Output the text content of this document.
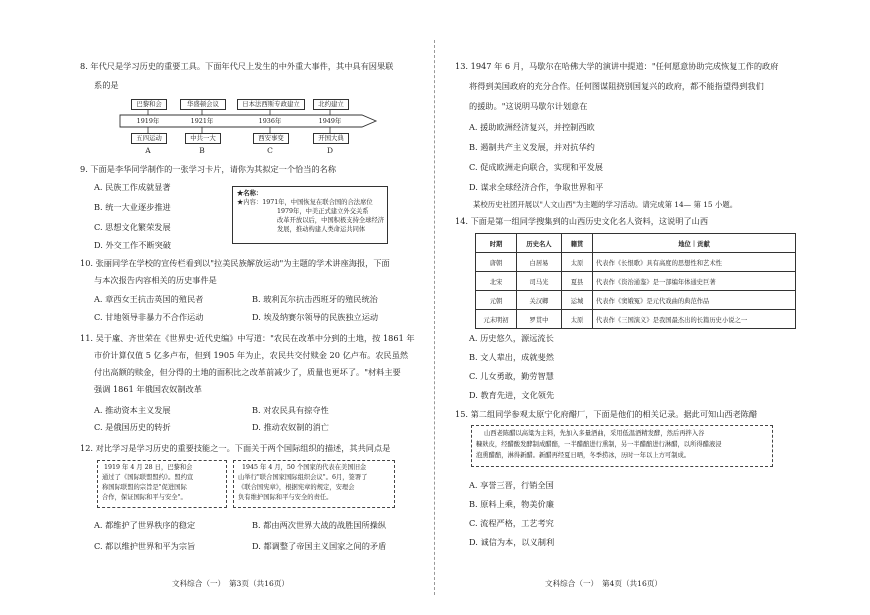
8. 年代尺是学习历史的重要工具。下面年代尺上发生的中外重大事件，其中具有因果联
系的是
巴黎和会	华盛顿会议	日本法西斯专政建立	北约建立
1919年	1921年	1936年	1949年
五四运动	中共一大	西安事变	开国大典
A	B	C	D
9. 下面是李华同学制作的一张学习卡片，请你为其拟定一个恰当的名称
A. 民族工作成就显著
B. 统一大业逐步推进
C. 思想文化繁荣发展
D. 外交工作不断突破
★名称：
★内容：1971年，中国恢复在联合国的合法席位
1979年，中美正式建立外交关系
改革开放以后，中国积极支持全球经济
发展，推动构建人类命运共同体
10. 张丽同学在学校的宣传栏看到以"拉美民族解放运动"为主题的学术讲座海报，下面
与本次报告内容相关的历史事件是
A. 章西女王抗击英国的殖民者	B. 玻利瓦尔抗击西班牙的殖民统治
C. 甘地领导非暴力不合作运动	D. 埃及纳赛尔领导的民族独立运动
11. 吴于廑、齐世荣在《世界史·近代史编》中写道："农民在改革中分到的土地，按 1861 年
市价计算仅值 5 亿多卢布，但到 1905 年为止，农民共交付赎金 20 亿卢布。农民虽然
付出高额的赎金，但分得的土地的面积比之改革前减少了，质量也更坏了。"材料主要
强调 1861 年俄国农奴制改革
A. 推动资本主义发展	B. 对农民具有掠夺性
C. 是俄国历史的转折	D. 推动农奴制的消亡
12. 对比学习是学习历史的重要技能之一。下面关于两个国际组织的描述，其共同点是
1919 年 4 月 28 日，巴黎和会
通过了《国际联盟盟约》。盟约宣
称国际联盟的宗旨是"促进国际
合作，保证国际和平与安全"。
1945 年 4 月，50 个国家的代表在美国旧金
山举行"联合国家国际组织会议"。6月，签署了
《联合国宪章》，根据宪章的规定，安理会
负有维护国际和平与安全的责任。
A. 都维护了世界秩序的稳定	B. 都由两次世界大战的战胜国所操纵
C. 都以维护世界和平为宗旨	D. 都调整了帝国主义国家之间的矛盾
文科综合（一）　第3页（共16页）
13. 1947 年 6 月，马歇尔在哈佛大学的演讲中提道："任何愿意协助完成恢复工作的政府
将得到美国政府的充分合作。任何图谋阻挠别国复兴的政府，都不能指望得到我们
的援助。"这说明马歇尔计划意在
A. 援助欧洲经济复兴，并控制西欧
B. 遏制共产主义发展，并对抗华约
C. 促成欧洲走向联合，实现和平发展
D. 谋求全球经济合作，争取世界和平
某校历史社团开展以"人文山西"为主题的学习活动。请完成第 14— 第 15 小题。
14. 下面是第一组同学搜集到的山西历史文化名人资料，这说明了山西
时期	历史名人	籍贯	地位｜贡献
唐朝	白居易	太原	代表作《长恨歌》具有高度的思想性和艺术性
北宋	司马光	夏县	代表作《资治通鉴》是一部编年体通史巨著
元朝	关汉卿	运城	代表作《窦娥冤》是元代戏曲的典范作品
元末明初	罗贯中	太原	代表作《三国演义》是我国最杰出的长篇历史小说之一
A. 历史悠久，源远流长
B. 文人辈出，成就斐然
C. 儿女勇敢，勤劳智慧
D. 教育先进，文化领先
15. 第二组同学参观太原宁化府醋厂，下面是他们的相关记录。据此可知山西老陈醋
山西老陈醋以高粱为主料，先加入多量酒曲，采用低温酒精发酵，然后再拌入谷
糠麸皮，经醋酸发酵制成醋醅，一半醋醅进行熏制，另一半醋醅进行淋醋，以所得醋液浸
泡熏醋醅，淋得新醋。新醋再经夏日晒，冬季捞冰，历时一年以上方可制成。
A. 享誉三晋，行销全国
B. 原料上乘，物美价廉
C. 流程严格，工艺考究
D. 诚信为本，以义制利
文科综合（一）　第4页（共16页）
